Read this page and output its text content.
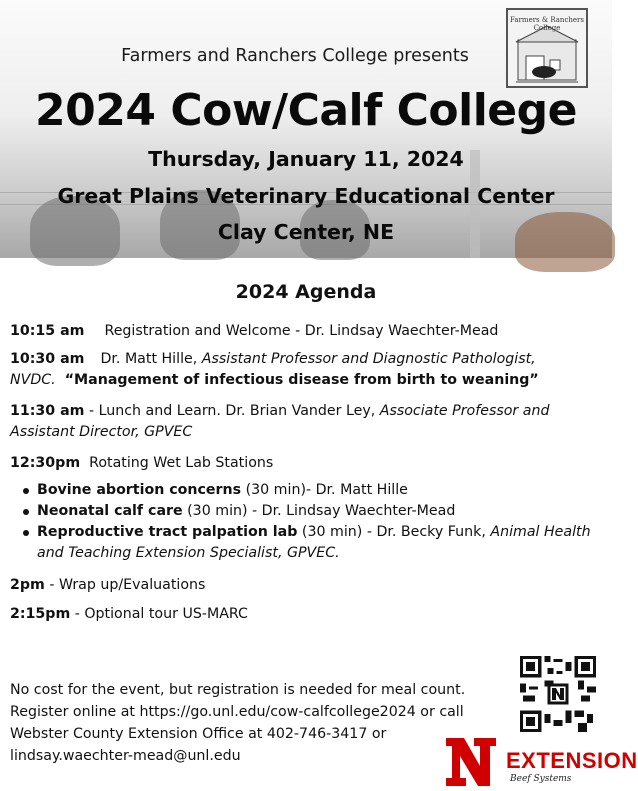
Farmers & Ranchers College
Farmers and Ranchers College presents
2024 Cow/Calf College
Thursday, January 11, 2024
Great Plains Veterinary Educational Center
Clay Center, NE
2024 Agenda
10:15 am Registration and Welcome - Dr. Lindsay Waechter-Mead
10:30 am Dr. Matt Hille, Assistant Professor and Diagnostic Pathologist, NVDC. “Management of infectious disease from birth to weaning”
11:30 am - Lunch and Learn. Dr. Brian Vander Ley, Associate Professor and Assistant Director, GPVEC
12:30pm Rotating Wet Lab Stations
Bovine abortion concerns (30 min)- Dr. Matt Hille
Neonatal calf care (30 min) - Dr. Lindsay Waechter-Mead
Reproductive tract palpation lab (30 min) - Dr. Becky Funk, Animal Health and Teaching Extension Specialist, GPVEC.
2pm - Wrap up/Evaluations
2:15pm - Optional tour US-MARC
No cost for the event, but registration is needed for meal count.
Register online at https://go.unl.edu/cow-calfcollege2024 or call
Webster County Extension Office at 402-746-3417 or
lindsay.waechter-mead@unl.edu	EXTENSION
Beef Systems
